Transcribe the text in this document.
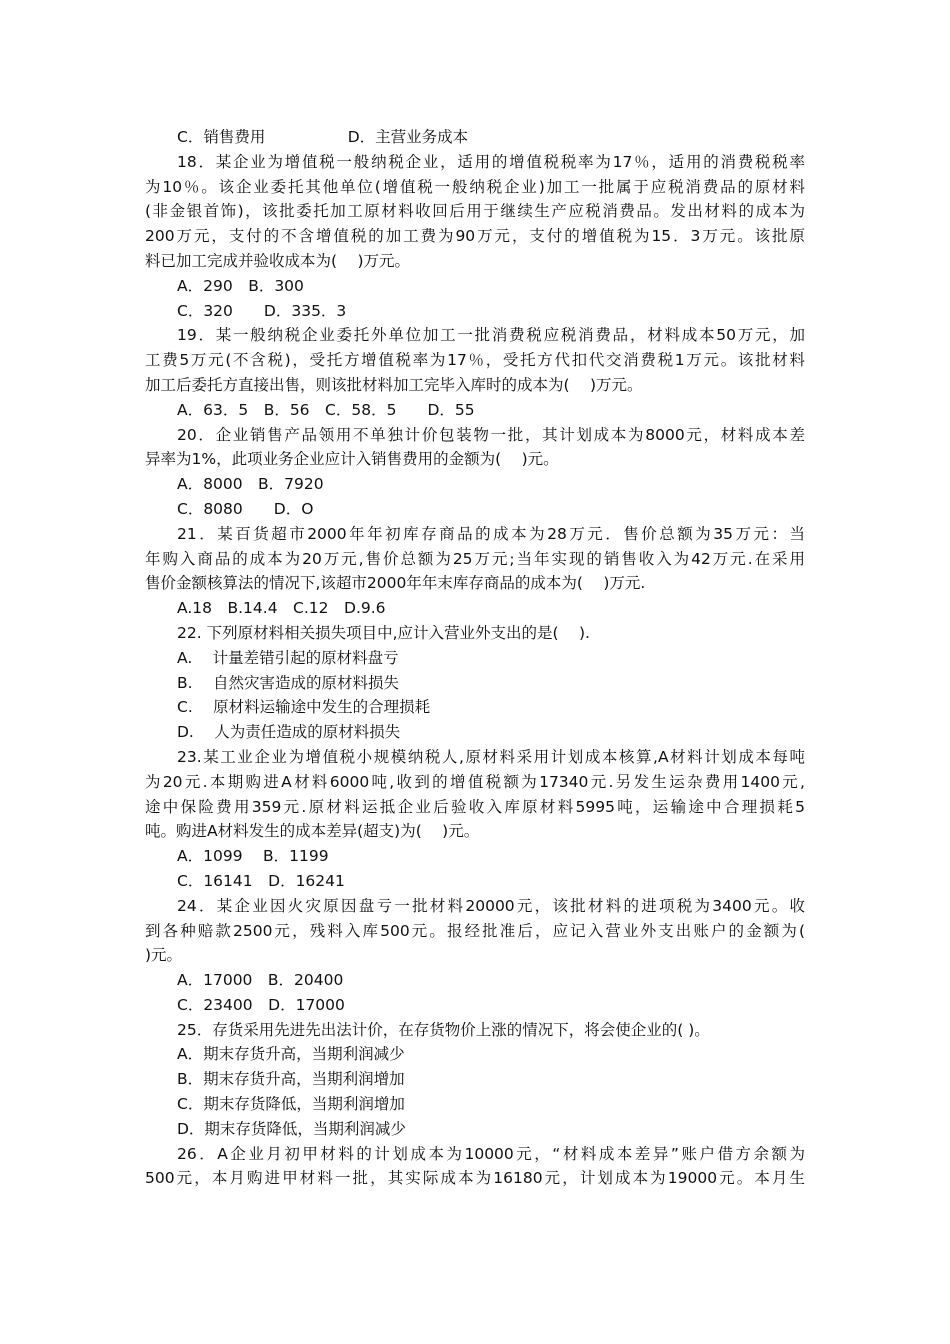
C．销售费用 　　　　　D．主营业务成本
18．某企业为增值税一般纳税企业，适用的增值税税率为17％，适用的消费税税率
为10％。该企业委托其他单位(增值税一般纳税企业)加工一批属于应税消费品的原材料
(非金银首饰)，该批委托加工原材料收回后用于继续生产应税消费品。发出材料的成本为
200万元，支付的不含增值税的加工费为90万元，支付的增值税为15．3万元。该批原
料已加工完成并验收成本为(　 )万元。
A．290　B．300
C．320　　D．335．3
19．某一般纳税企业委托外单位加工一批消费税应税消费品，材料成本50万元，加
工费5万元(不含税)，受托方增值税率为17％，受托方代扣代交消费税1万元。该批材料
加工后委托方直接出售，则该批材料加工完毕入库时的成本为(　 )万元。
A．63．5　B．56　C．58．5　　D．55
20．企业销售产品领用不单独计价包装物一批，其计划成本为8000元，材料成本差
异率为1%，此项业务企业应计入销售费用的金额为(　 )元。
A．8000　B．7920
C．8080　　D．O
21．某百货超市2000年年初库存商品的成本为28万元．售价总额为35万元：当
年购入商品的成本为20万元,售价总额为25万元;当年实现的销售收入为42万元.在采用
售价金额核算法的情况下,该超市2000年年末库存商品的成本为(　 )万元.
A.18　B.14.4　C.12　D.9.6
22. 下列原材料相关损失项目中,应计入营业外支出的是(　 ).
A.　 计量差错引起的原材料盘亏
B.　 自然灾害造成的原材料损失
C.　 原材料运输途中发生的合理损耗
D.　 人为责任造成的原材料损失
23.某工业企业为增值税小规模纳税人,原材料采用计划成本核算,A材料计划成本每吨
为20元.本期购进A材料6000吨,收到的增值税额为17340元.另发生运杂费用1400元,
途中保险费用359元.原材料运抵企业后验收入库原材料5995吨，运输途中合理损耗5
吨。购进A材料发生的成本差异(超支)为(　 )元。
A．1099　 B．1199
C．16141　D．16241
24．某企业因火灾原因盘亏一批材料20000元，该批材料的进项税为3400元。收
到各种赔款2500元，残料入库500元。报经批准后，应记入营业外支出账户的金额为(
)元。
A．17000　B．20400
C．23400　D．17000
25．存货采用先进先出法计价，在存货物价上涨的情况下，将会使企业的( )。
A．期末存货升高，当期利润减少
B．期末存货升高，当期利润增加
C．期末存货降低，当期利润增加
D．期末存货降低，当期利润减少
26．A企业月初甲材料的计划成本为10000元，“材料成本差异”账户借方余额为
500元，本月购进甲材料一批，其实际成本为16180元，计划成本为19000元。本月生
